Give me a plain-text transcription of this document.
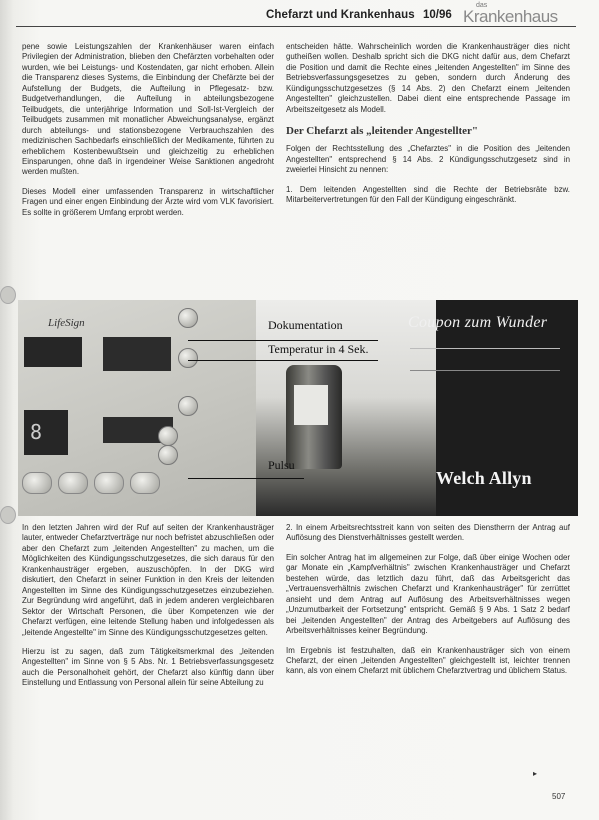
Chefarzt und Krankenhaus 10/96
das
Krankenhaus

pene sowie Leistungszahlen der Krankenhäuser waren einfach Privilegien der Administration, blieben den Chefärzten vorbehalten oder wurden, wie bei Leistungs- und Kostendaten, gar nicht erhoben. Allein die Transparenz dieses Systems, die Einbindung der Chefärzte bei der Aufstellung der Budgets, die Aufteilung in Pflegesatz- bzw. Budgetverhandlungen, die Aufteilung in abteilungsbezogene Teilbudgets, die unterjährige Information und Soll-Ist-Vergleich der Teilbudgets zusammen mit monatlicher Abweichungsanalyse, ergänzt durch abteilungs- und stationsbezogene Verbrauchszahlen des medizinischen Sachbedarfs einschließlich der Medikamente, führten zu erheblichem Kostenbewußtsein und gleichzeitig zu erheblichen Einsparungen, ohne daß in irgendeiner Weise Sanktionen angedroht werden mußten.

Dieses Modell einer umfassenden Transparenz in wirtschaftlicher Fragen und einer engen Einbindung der Ärzte wird vom VLK favorisiert. Es sollte in größerem Umfang erprobt werden.

entscheiden hätte. Wahrscheinlich worden die Krankenhausträger dies nicht gutheißen wollen. Deshalb spricht sich die DKG nicht dafür aus, dem Chefarzt die Position und damit die Rechte eines „leitenden Angestellten" im Sinne des Betriebsverfassungsgesetzes zu geben, sondern durch Änderung des Kündigungsschutzgesetzes (§ 14 Abs. 2) den Chefarzt einem „leitenden Angestellten" gleichzustellen. Dabei dient eine entsprechende Passage im Arbeitszeitgesetz als Modell.

Der Chefarzt als „leitender Angestellter"

Folgen der Rechtsstellung des „Chefarztes" in die Position des „leitenden Angestellten" entsprechend § 14 Abs. 2 Kündigungsschutzgesetz sind in zweierlei Hinsicht zu nennen:

1. Dem leitenden Angestellten sind die Rechte der Betriebsräte bzw. Mitarbeitervertretungen für den Fall der Kündigung eingeschränkt.

LifeSign
8
Dokumentation
Temperatur in 4 Sek.
Pulsu
Coupon zum Wunder
Welch Allyn

In den letzten Jahren wird der Ruf auf seiten der Krankenhausträger lauter, entweder Chefarztverträge nur noch befristet abzuschließen oder aber den Chefarzt zum „leitenden Angestellten" zu machen, um die Möglichkeiten des Kündigungsschutzgesetzes, die sich daraus für den Krankenhausträger ergeben, auszuschöpfen. In der DKG wird diskutiert, den Chefarzt in seiner Funktion in den Kreis der leitenden Angestellten im Sinne des Kündigungsschutzgesetzes einzubeziehen. Zur Begründung wird angeführt, daß in jedem anderen vergleichbaren Sektor der Wirtschaft Personen, die über Kompetenzen wie der Chefarzt verfügen, eine leitende Stellung haben und infolgedessen als „leitende Angestellte" im Sinne des Kündigungsschutzgesetzes gelten.

Hierzu ist zu sagen, daß zum Tätigkeitsmerkmal des „leitenden Angestellten" im Sinne von § 5 Abs. Nr. 1 Betriebsverfassungsgesetz auch die Personalhoheit gehört, der Chefarzt also künftig dann über Einstellung und Entlassung von Personal allein für seine Abteilung zu

2. In einem Arbeitsrechtsstreit kann von seiten des Dienstherrn der Antrag auf Auflösung des Dienstverhältnisses gestellt werden.

Ein solcher Antrag hat im allgemeinen zur Folge, daß über einige Wochen oder gar Monate ein „Kampfverhältnis" zwischen Krankenhausträger und Chefarzt bestehen würde, das letztlich dazu führt, daß das Arbeitsgericht das „Vertrauensverhältnis zwischen Chefarzt und Krankenhausträger" für zerrüttet ansieht und dem Antrag auf Auflösung des Arbeitsverhältnisses wegen „Unzumutbarkeit der Fortsetzung" entspricht. Gemäß § 9 Abs. 1 Satz 2 bedarf bei „leitenden Angestellten" der Antrag des Arbeitgebers auf Auflösung des Arbeitsverhältnisses keiner Begründung.

Im Ergebnis ist festzuhalten, daß ein Krankenhausträger sich von einem Chefarzt, der einen „leitenden Angestellten" gleichgestellt ist, leichter trennen kann, als von einem Chefarzt mit üblichem Chefarztvertrag und üblichem Status.

▸
507
